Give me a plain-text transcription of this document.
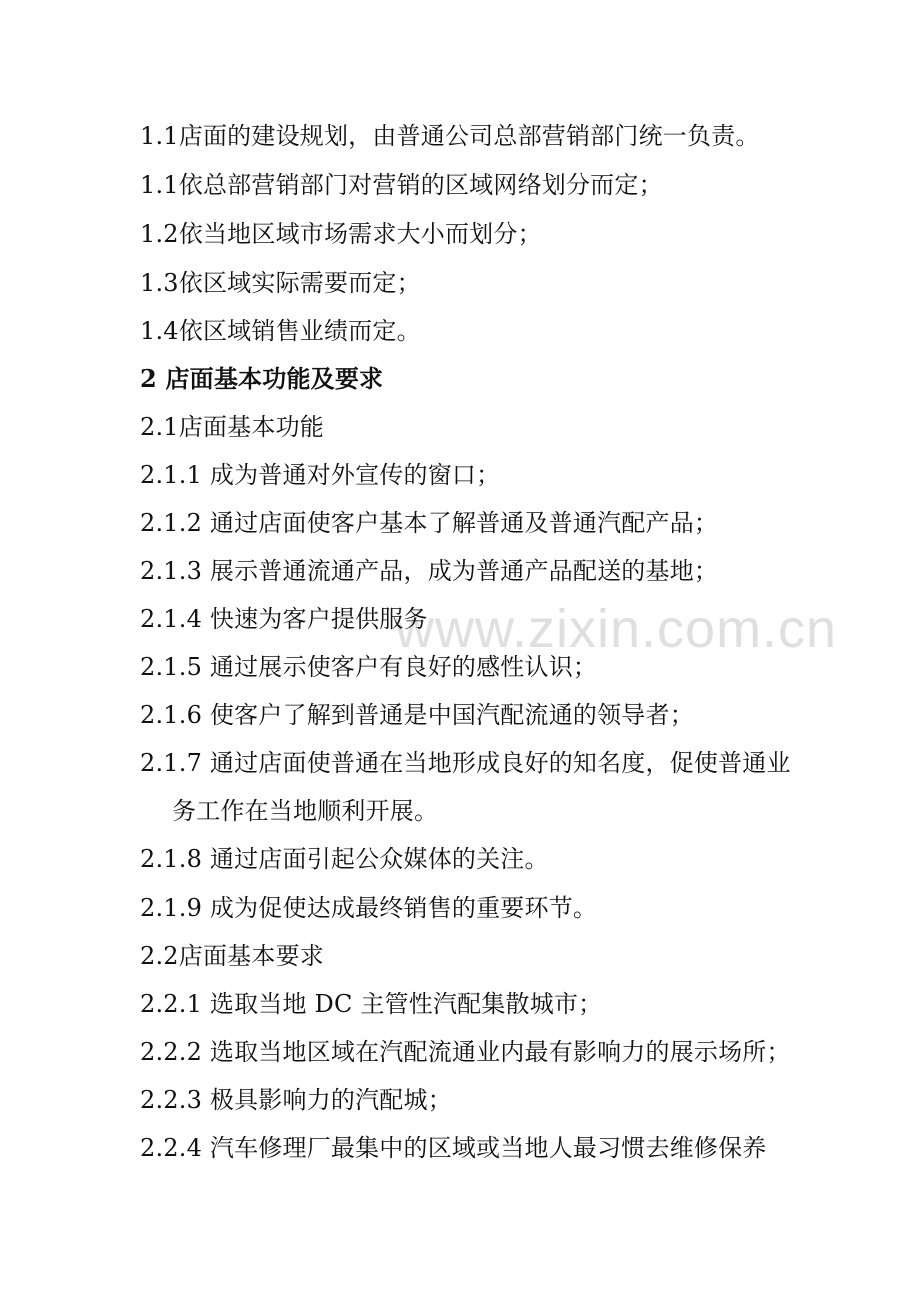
www.zixin.com.cn
1.1店面的建设规划，由普通公司总部营销部门统一负责。
1.1依总部营销部门对营销的区域网络划分而定；
1.2依当地区域市场需求大小而划分；
1.3依区域实际需要而定；
1.4依区域销售业绩而定。
2 店面基本功能及要求
2.1店面基本功能
2.1.1 成为普通对外宣传的窗口；
2.1.2 通过店面使客户基本了解普通及普通汽配产品；
2.1.3 展示普通流通产品，成为普通产品配送的基地；
2.1.4 快速为客户提供服务
2.1.5 通过展示使客户有良好的感性认识；
2.1.6 使客户了解到普通是中国汽配流通的领导者；
2.1.7 通过店面使普通在当地形成良好的知名度，促使普通业
务工作在当地顺利开展。
2.1.8 通过店面引起公众媒体的关注。
2.1.9 成为促使达成最终销售的重要环节。
2.2店面基本要求
2.2.1 选取当地 DC 主管性汽配集散城市；
2.2.2 选取当地区域在汽配流通业内最有影响力的展示场所；
2.2.3 极具影响力的汽配城；
2.2.4 汽车修理厂最集中的区域或当地人最习惯去维修保养
